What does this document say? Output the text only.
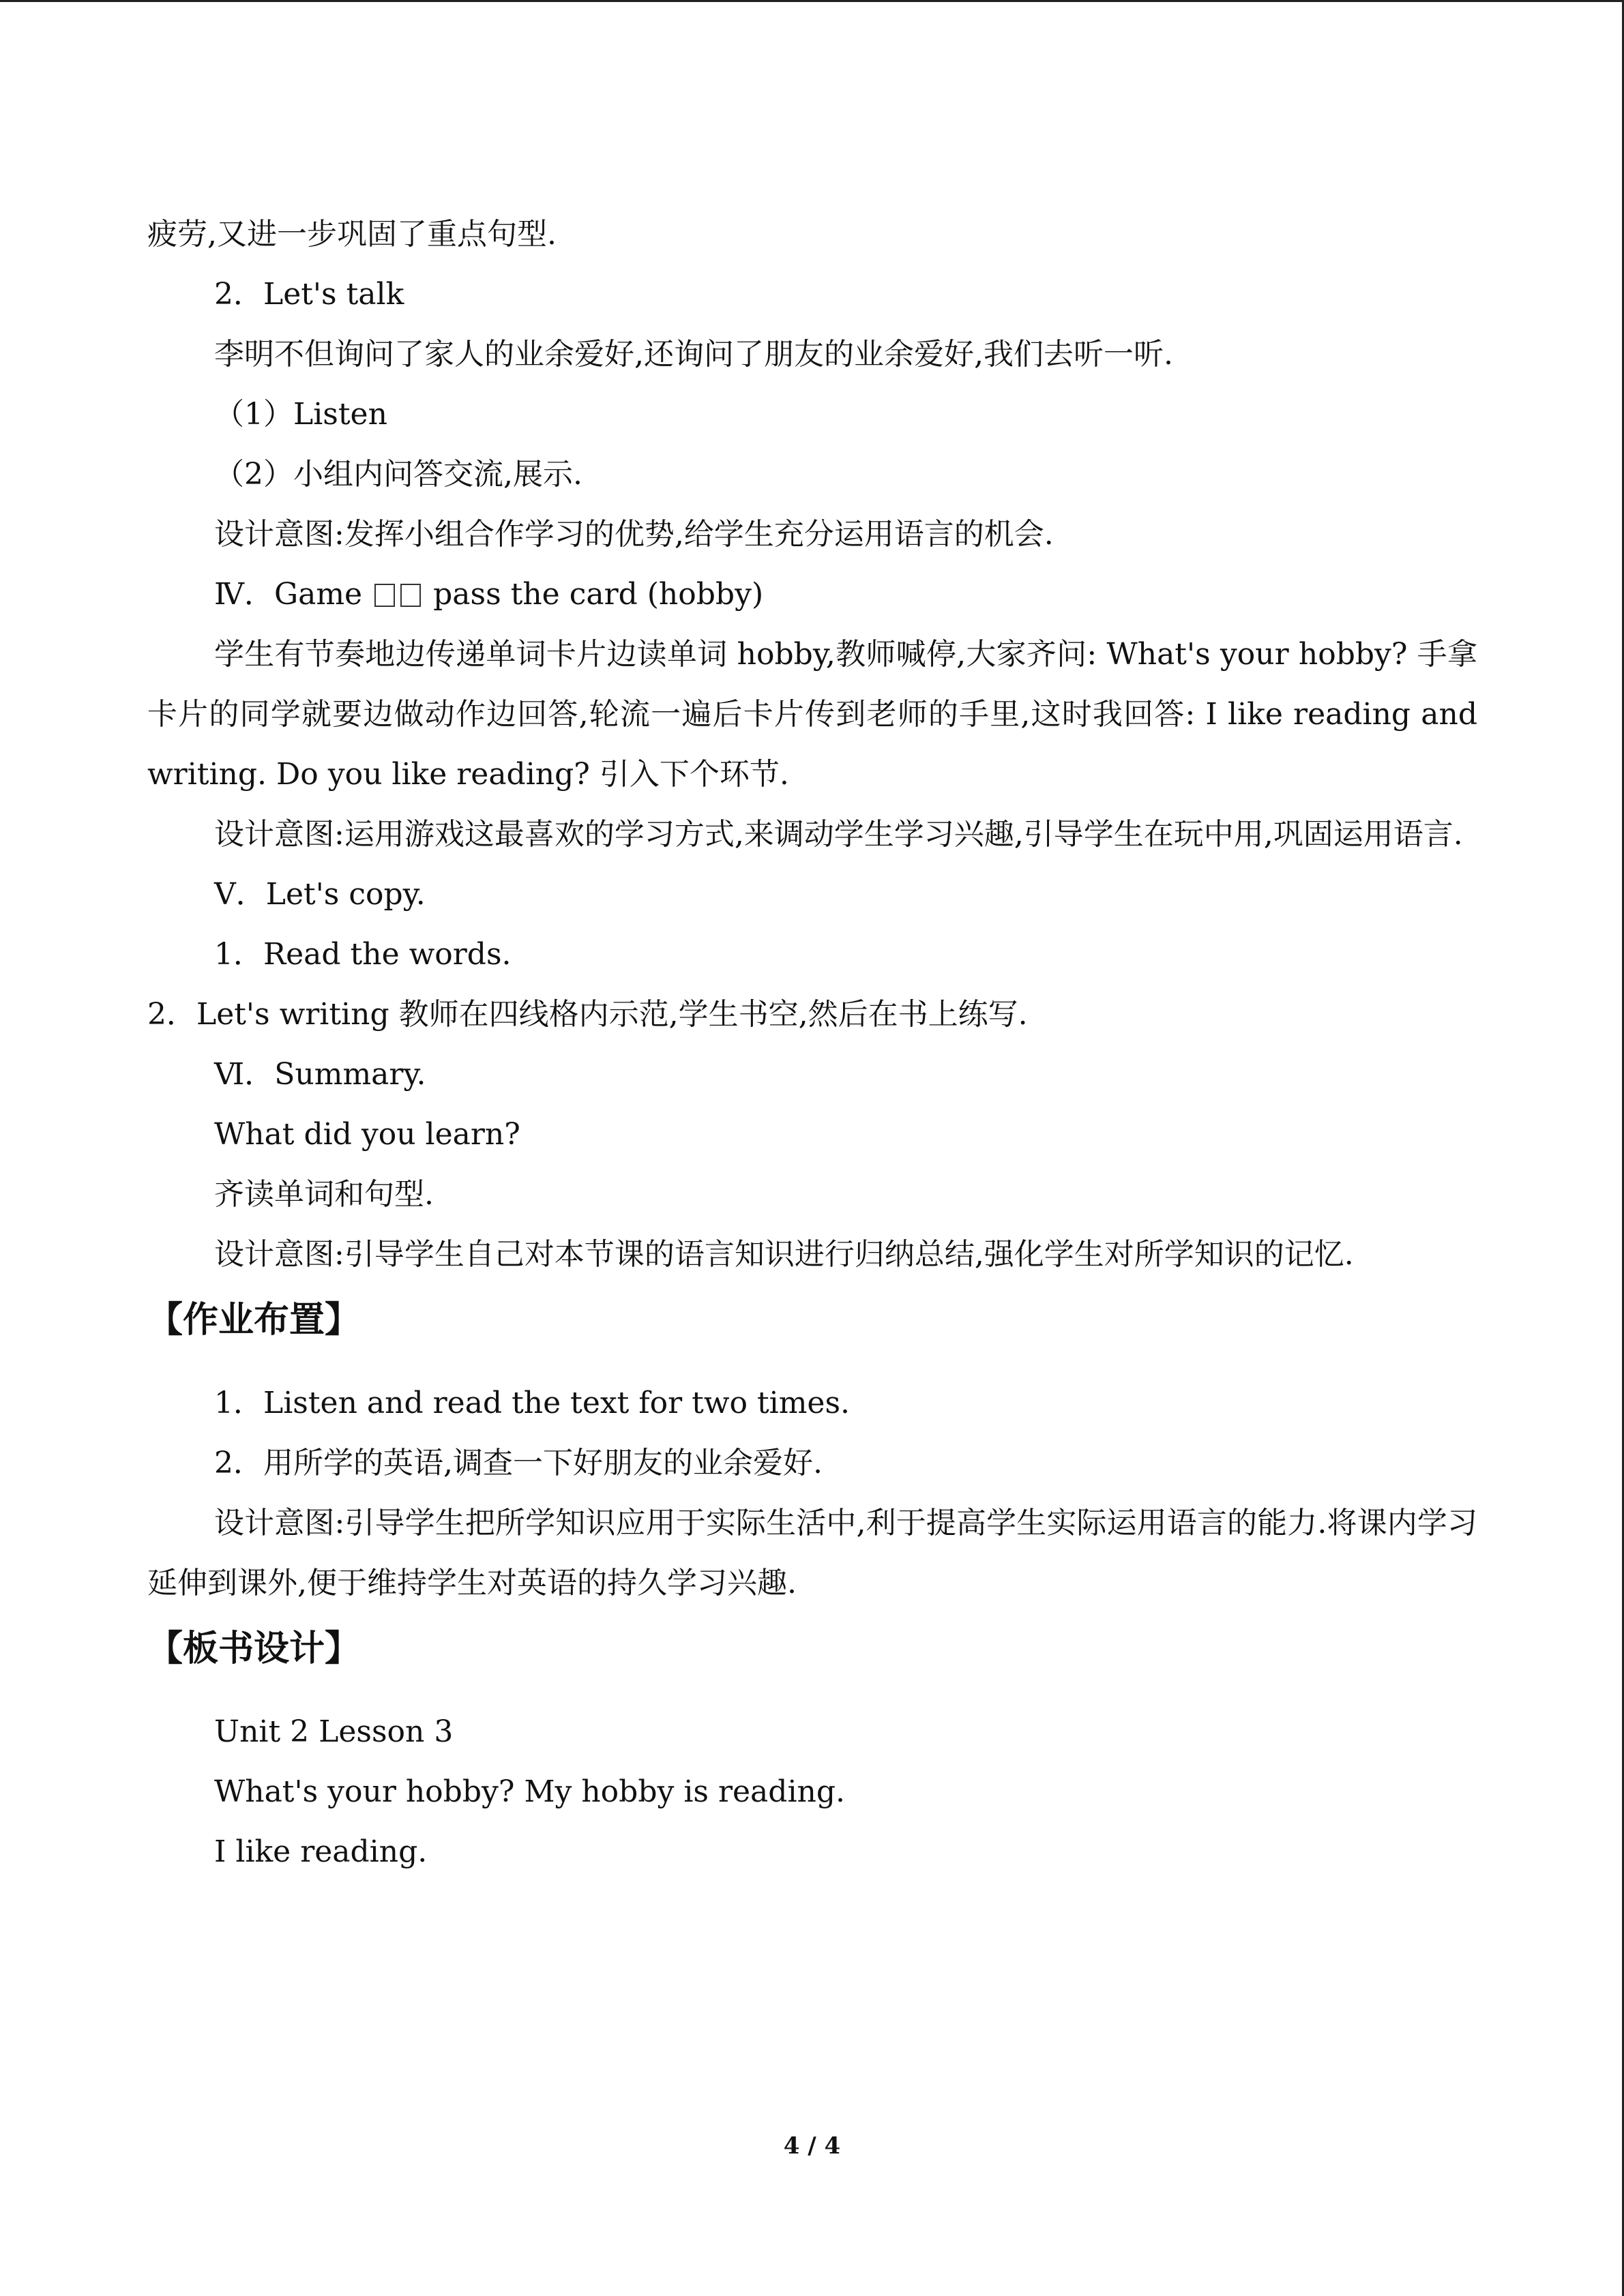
疲劳,又进一步巩固了重点句型.

2．Let's talk

李明不但询问了家人的业余爱好,还询问了朋友的业余爱好,我们去听一听.

（1）Listen

（2）小组内问答交流,展示.

设计意图:发挥小组合作学习的优势,给学生充分运用语言的机会.

Ⅳ．Game pass the card (hobby)

学生有节奏地边传递单词卡片边读单词 hobby,教师喊停,大家齐问: What's your hobby? 手拿卡片的同学就要边做动作边回答,轮流一遍后卡片传到老师的手里,这时我回答: I like reading and writing. Do you like reading? 引入下个环节.

设计意图:运用游戏这最喜欢的学习方式,来调动学生学习兴趣,引导学生在玩中用,巩固运用语言.

Ⅴ．Let's copy.

1．Read the words.

2．Let's writing 教师在四线格内示范,学生书空,然后在书上练写.

Ⅵ．Summary.

What did you learn?

齐读单词和句型.

设计意图:引导学生自己对本节课的语言知识进行归纳总结,强化学生对所学知识的记忆.

【作业布置】

1．Listen and read the text for two times.

2．用所学的英语,调查一下好朋友的业余爱好.

设计意图:引导学生把所学知识应用于实际生活中,利于提高学生实际运用语言的能力.将课内学习延伸到课外,便于维持学生对英语的持久学习兴趣.

【板书设计】

Unit 2 Lesson 3

What's your hobby? My hobby is reading.

I like reading.

4 / 4
